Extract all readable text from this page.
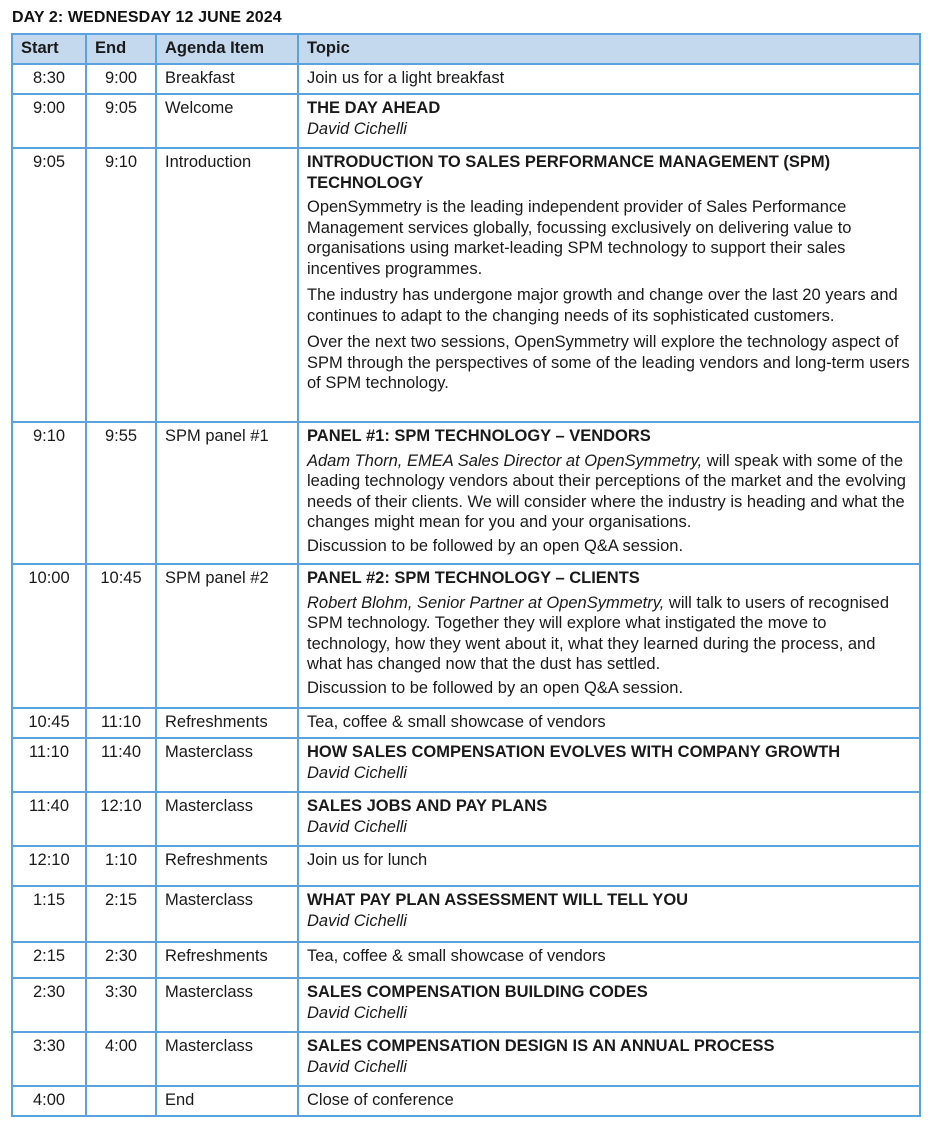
DAY 2: WEDNESDAY 12 JUNE 2024
Start	End	Agenda Item	Topic
8:30	9:00	Breakfast	Join us for a light breakfast

9:00	9:05	Welcome	THE DAY AHEAD
David Cichelli

9:05	9:10	Introduction	INTRODUCTION TO SALES PERFORMANCE MANAGEMENT (SPM) TECHNOLOGY
OpenSymmetry is the leading independent provider of Sales Performance Management services globally, focussing exclusively on delivering value to organisations using market-leading SPM technology to support their sales incentives programmes.
The industry has undergone major growth and change over the last 20 years and continues to adapt to the changing needs of its sophisticated customers.
Over the next two sessions, OpenSymmetry will explore the technology aspect of SPM through the perspectives of some of the leading vendors and long-term users of SPM technology.

9:10	9:55	SPM panel #1	PANEL #1: SPM TECHNOLOGY – VENDORS
Adam Thorn, EMEA Sales Director at OpenSymmetry, will speak with some of the leading technology vendors about their perceptions of the market and the evolving needs of their clients. We will consider where the industry is heading and what the changes might mean for you and your organisations.
Discussion to be followed by an open Q&A session.

10:00	10:45	SPM panel #2	PANEL #2: SPM TECHNOLOGY – CLIENTS
Robert Blohm, Senior Partner at OpenSymmetry, will talk to users of recognised SPM technology. Together they will explore what instigated the move to technology, how they went about it, what they learned during the process, and what has changed now that the dust has settled.
Discussion to be followed by an open Q&A session.

10:45	11:10	Refreshments	Tea, coffee & small showcase of vendors

11:10	11:40	Masterclass	HOW SALES COMPENSATION EVOLVES WITH COMPANY GROWTH
David Cichelli

11:40	12:10	Masterclass	SALES JOBS AND PAY PLANS
David Cichelli

12:10	1:10	Refreshments	Join us for lunch

1:15	2:15	Masterclass	WHAT PAY PLAN ASSESSMENT WILL TELL YOU
David Cichelli

2:15	2:30	Refreshments	Tea, coffee & small showcase of vendors

2:30	3:30	Masterclass	SALES COMPENSATION BUILDING CODES
David Cichelli

3:30	4:00	Masterclass	SALES COMPENSATION DESIGN IS AN ANNUAL PROCESS
David Cichelli

4:00		End	Close of conference
